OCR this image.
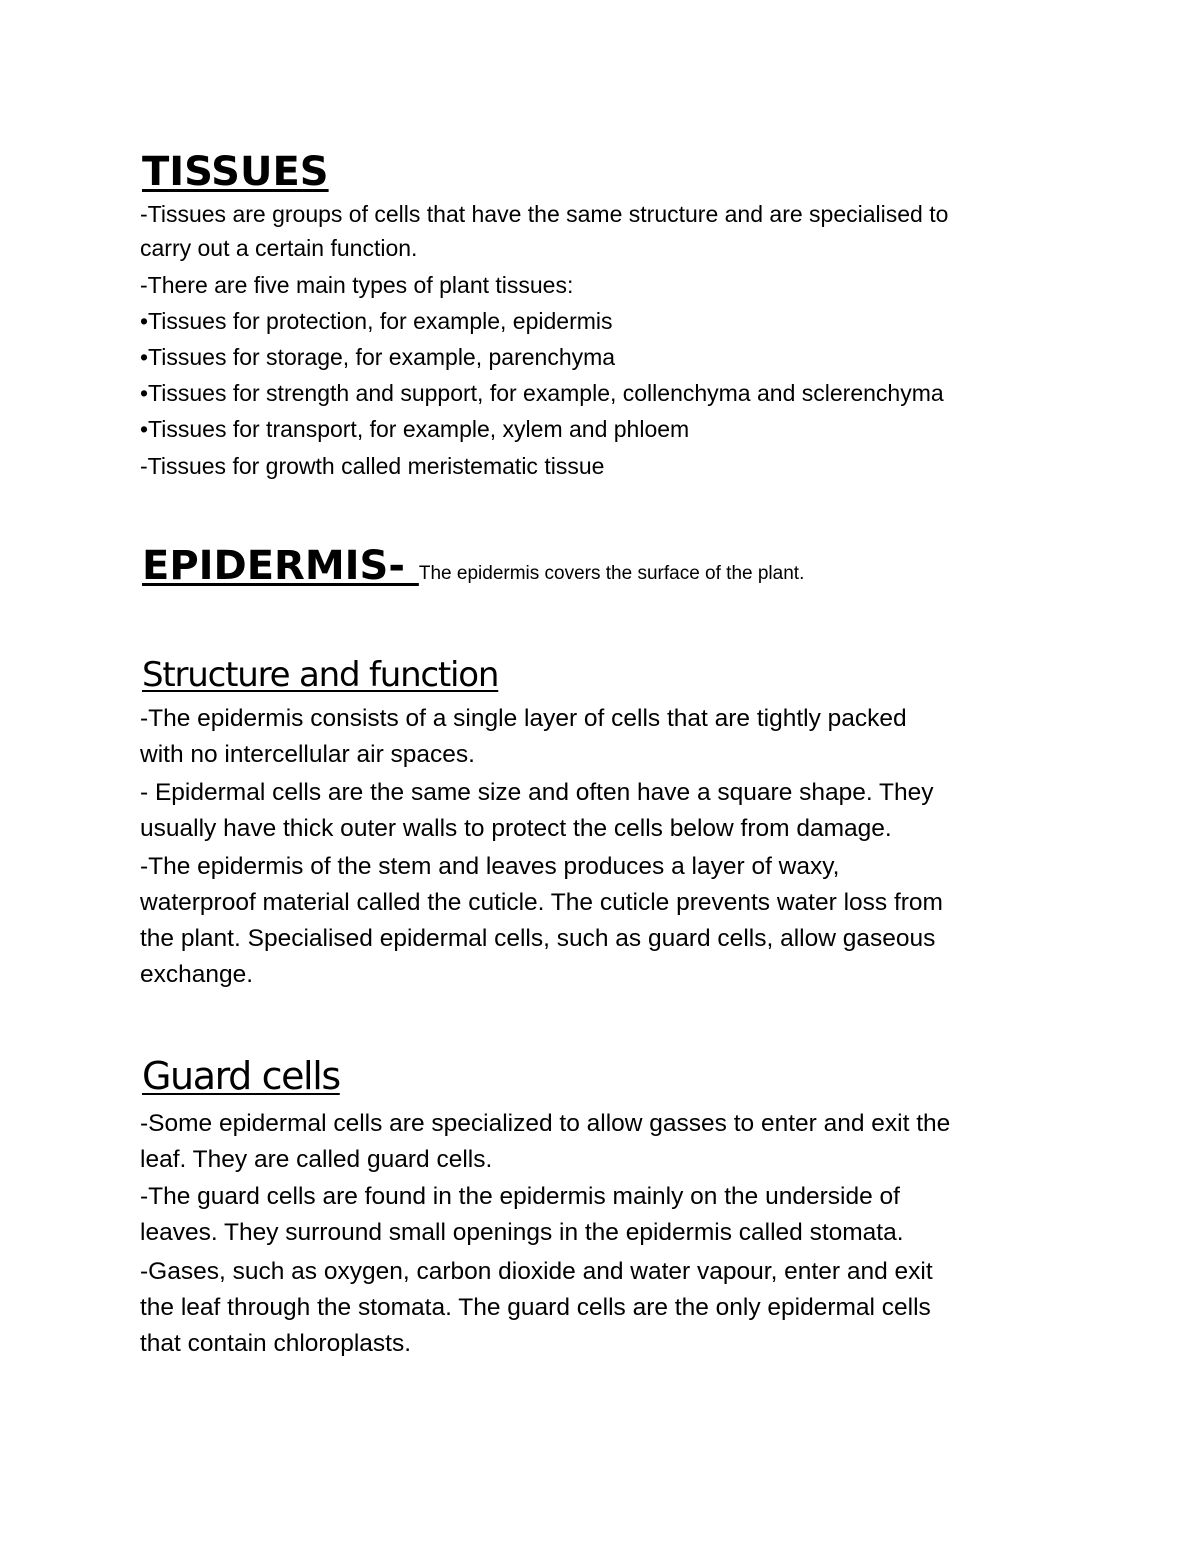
TISSUES
-Tissues are groups of cells that have the same structure and are specialised to
carry out a certain function.
-There are five main types of plant tissues:
•Tissues for protection, for example, epidermis
•Tissues for storage, for example, parenchyma
•Tissues for strength and support, for example, collenchyma and sclerenchyma
•Tissues for transport, for example, xylem and phloem
-Tissues for growth called meristematic tissue
EPIDERMIS- The epidermis covers the surface of the plant.
Structure and function
-The epidermis consists of a single layer of cells that are tightly packed
with no intercellular air spaces.
- Epidermal cells are the same size and often have a square shape. They
usually have thick outer walls to protect the cells below from damage.
-The epidermis of the stem and leaves produces a layer of waxy,
waterproof material called the cuticle. The cuticle prevents water loss from
the plant. Specialised epidermal cells, such as guard cells, allow gaseous
exchange.
Guard cells
-Some epidermal cells are specialized to allow gasses to enter and exit the
leaf. They are called guard cells.
-The guard cells are found in the epidermis mainly on the underside of
leaves. They surround small openings in the epidermis called stomata.
-Gases, such as oxygen, carbon dioxide and water vapour, enter and exit
the leaf through the stomata. The guard cells are the only epidermal cells
that contain chloroplasts.
